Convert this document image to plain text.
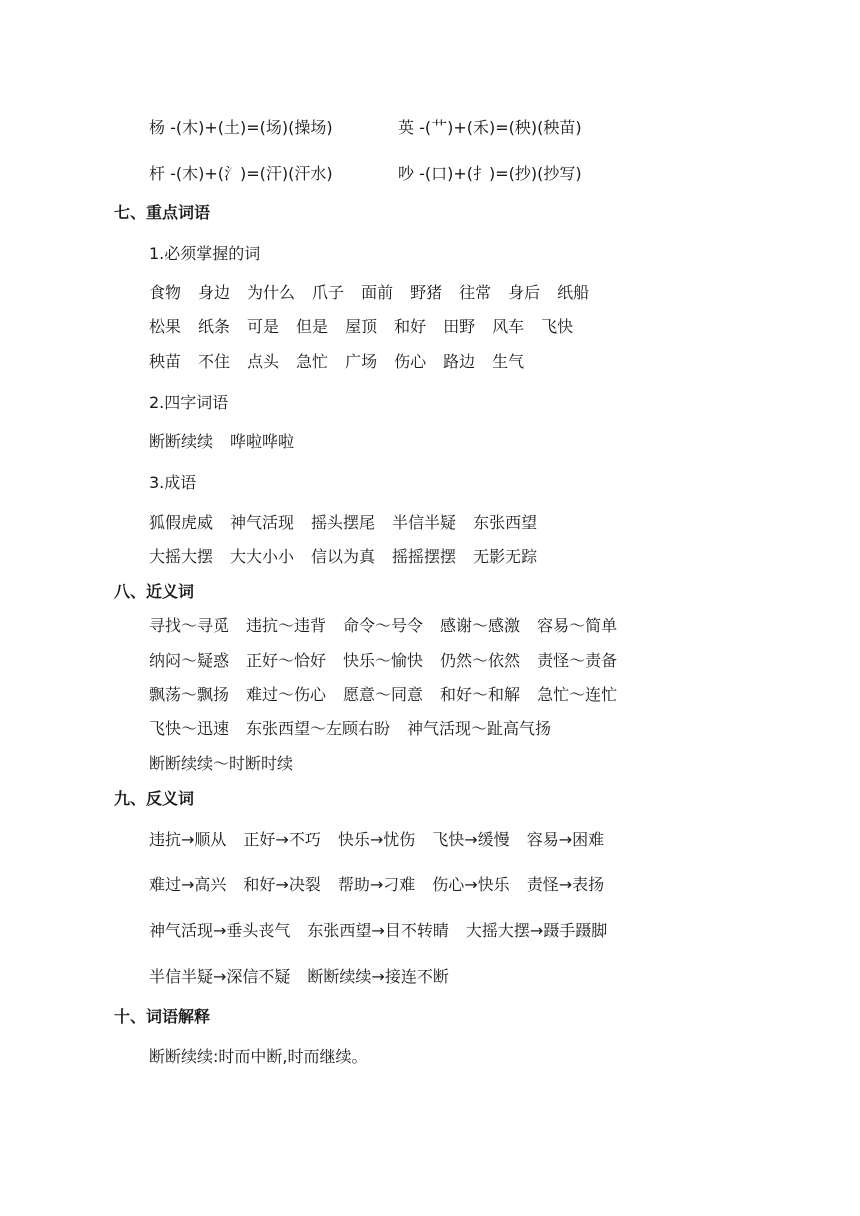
杨 -(木)+(土)=(场)(操场)	英 -(艹)+(禾)=(秧)(秧苗)
杆 -(木)+(氵)=(汗)(汗水)	吵 -(口)+(扌)=(抄)(抄写)
七、重点词语
1.必须掌握的词
食物 身边 为什么 爪子 面前 野猪 往常 身后 纸船
松果 纸条 可是 但是 屋顶 和好 田野 风车 飞快
秧苗 不住 点头 急忙 广场 伤心 路边 生气
2.四字词语
断断续续 哗啦哗啦
3.成语
狐假虎威 神气活现 摇头摆尾 半信半疑 东张西望
大摇大摆 大大小小 信以为真 摇摇摆摆 无影无踪
八、近义词
寻找～寻觅 违抗～违背 命令～号令 感谢～感激 容易～简单
纳闷～疑惑 正好～恰好 快乐～愉快 仍然～依然 责怪～责备
飘荡～飘扬 难过～伤心 愿意～同意 和好～和解 急忙～连忙
飞快～迅速 东张西望～左顾右盼 神气活现～趾高气扬
断断续续～时断时续
九、反义词
违抗→顺从 正好→不巧 快乐→忧伤 飞快→缓慢 容易→困难
难过→高兴 和好→决裂 帮助→刁难 伤心→快乐 责怪→表扬
神气活现→垂头丧气 东张西望→目不转睛 大摇大摆→蹑手蹑脚
半信半疑→深信不疑 断断续续→接连不断
十、词语解释
断断续续:时而中断,时而继续。
